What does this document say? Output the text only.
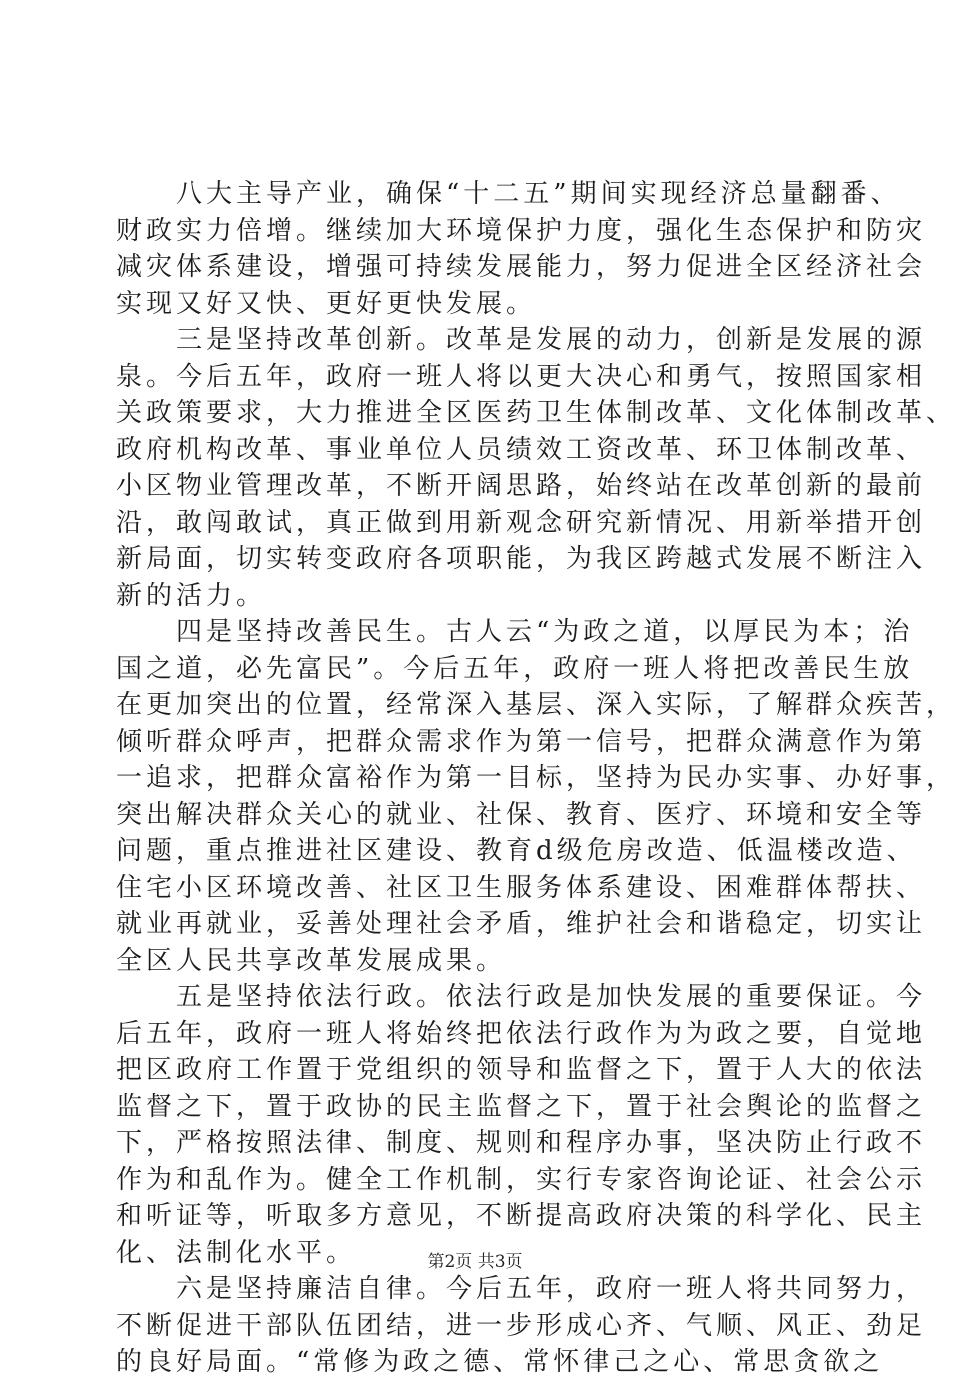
八大主导产业，确保“十二五”期间实现经济总量翻番、
财政实力倍增。继续加大环境保护力度，强化生态保护和防灾
减灾体系建设，增强可持续发展能力，努力促进全区经济社会
实现又好又快、更好更快发展。
三是坚持改革创新。改革是发展的动力，创新是发展的源
泉。今后五年，政府一班人将以更大决心和勇气，按照国家相
关政策要求，大力推进全区医药卫生体制改革、文化体制改革、
政府机构改革、事业单位人员绩效工资改革、环卫体制改革、
小区物业管理改革，不断开阔思路，始终站在改革创新的最前
沿，敢闯敢试，真正做到用新观念研究新情况、用新举措开创
新局面，切实转变政府各项职能，为我区跨越式发展不断注入
新的活力。
四是坚持改善民生。古人云“为政之道，以厚民为本；治
国之道，必先富民”。今后五年，政府一班人将把改善民生放
在更加突出的位置，经常深入基层、深入实际，了解群众疾苦，
倾听群众呼声，把群众需求作为第一信号，把群众满意作为第
一追求，把群众富裕作为第一目标，坚持为民办实事、办好事，
突出解决群众关心的就业、社保、教育、医疗、环境和安全等
问题，重点推进社区建设、教育d级危房改造、低温楼改造、
住宅小区环境改善、社区卫生服务体系建设、困难群体帮扶、
就业再就业，妥善处理社会矛盾，维护社会和谐稳定，切实让
全区人民共享改革发展成果。
五是坚持依法行政。依法行政是加快发展的重要保证。今
后五年，政府一班人将始终把依法行政作为为政之要，自觉地
把区政府工作置于党组织的领导和监督之下，置于人大的依法
监督之下，置于政协的民主监督之下，置于社会舆论的监督之
下，严格按照法律、制度、规则和程序办事，坚决防止行政不
作为和乱作为。健全工作机制，实行专家咨询论证、社会公示
和听证等，听取多方意见，不断提高政府决策的科学化、民主
化、法制化水平。
六是坚持廉洁自律。今后五年，政府一班人将共同努力，
不断促进干部队伍团结，进一步形成心齐、气顺、风正、劲足
的良好局面。“常修为政之德、常怀律己之心、常思贪欲之
第2页 共3页
